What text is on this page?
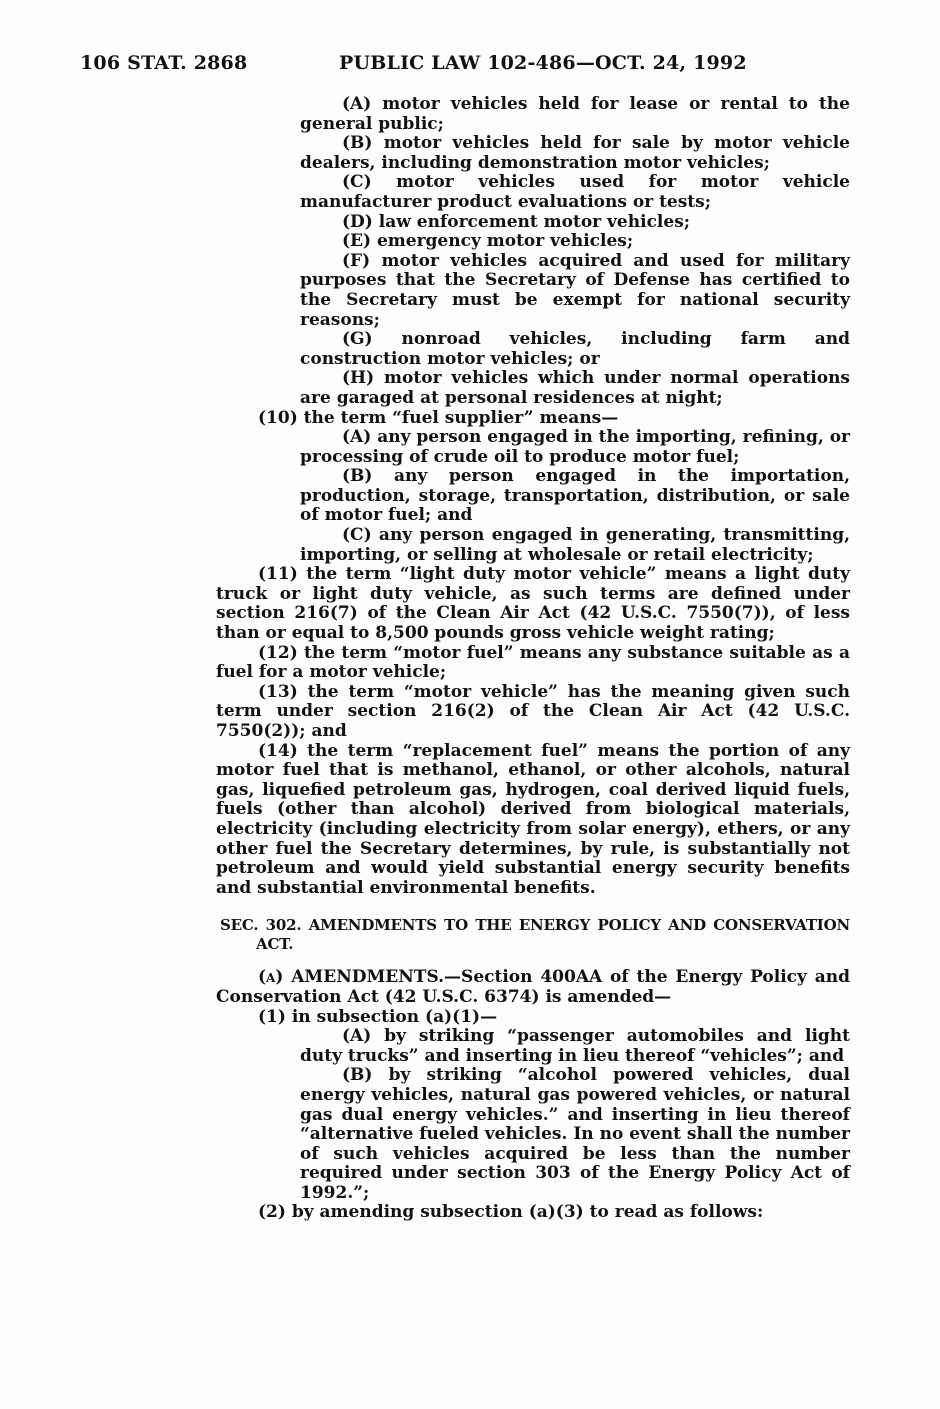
106 STAT. 2868	PUBLIC LAW 102-486—OCT. 24, 1992

(A) motor vehicles held for lease or rental to the general public;

(B) motor vehicles held for sale by motor vehicle dealers, including demonstration motor vehicles;

(C) motor vehicles used for motor vehicle manufacturer product evaluations or tests;

(D) law enforcement motor vehicles;

(E) emergency motor vehicles;

(F) motor vehicles acquired and used for military purposes that the Secretary of Defense has certified to the Secretary must be exempt for national security reasons;

(G) nonroad vehicles, including farm and construction motor vehicles; or

(H) motor vehicles which under normal operations are garaged at personal residences at night;

(10) the term “fuel supplier” means—

(A) any person engaged in the importing, refining, or processing of crude oil to produce motor fuel;

(B) any person engaged in the importation, production, storage, transportation, distribution, or sale of motor fuel; and

(C) any person engaged in generating, transmitting, importing, or selling at wholesale or retail electricity;

(11) the term “light duty motor vehicle” means a light duty truck or light duty vehicle, as such terms are defined under section 216(7) of the Clean Air Act (42 U.S.C. 7550(7)), of less than or equal to 8,500 pounds gross vehicle weight rating;

(12) the term “motor fuel” means any substance suitable as a fuel for a motor vehicle;

(13) the term “motor vehicle” has the meaning given such term under section 216(2) of the Clean Air Act (42 U.S.C. 7550(2)); and

(14) the term “replacement fuel” means the portion of any motor fuel that is methanol, ethanol, or other alcohols, natural gas, liquefied petroleum gas, hydrogen, coal derived liquid fuels, fuels (other than alcohol) derived from biological materials, electricity (including electricity from solar energy), ethers, or any other fuel the Secretary determines, by rule, is substantially not petroleum and would yield substantial energy security benefits and substantial environmental benefits.

SEC. 302. AMENDMENTS TO THE ENERGY POLICY AND CONSERVATION ACT.

(a) AMENDMENTS.—Section 400AA of the Energy Policy and Conservation Act (42 U.S.C. 6374) is amended—

(1) in subsection (a)(1)—

(A) by striking “passenger automobiles and light duty trucks” and inserting in lieu thereof “vehicles”; and

(B) by striking “alcohol powered vehicles, dual energy vehicles, natural gas powered vehicles, or natural gas dual energy vehicles.” and inserting in lieu thereof “alternative fueled vehicles. In no event shall the number of such vehicles acquired be less than the number required under section 303 of the Energy Policy Act of 1992.”;

(2) by amending subsection (a)(3) to read as follows:
